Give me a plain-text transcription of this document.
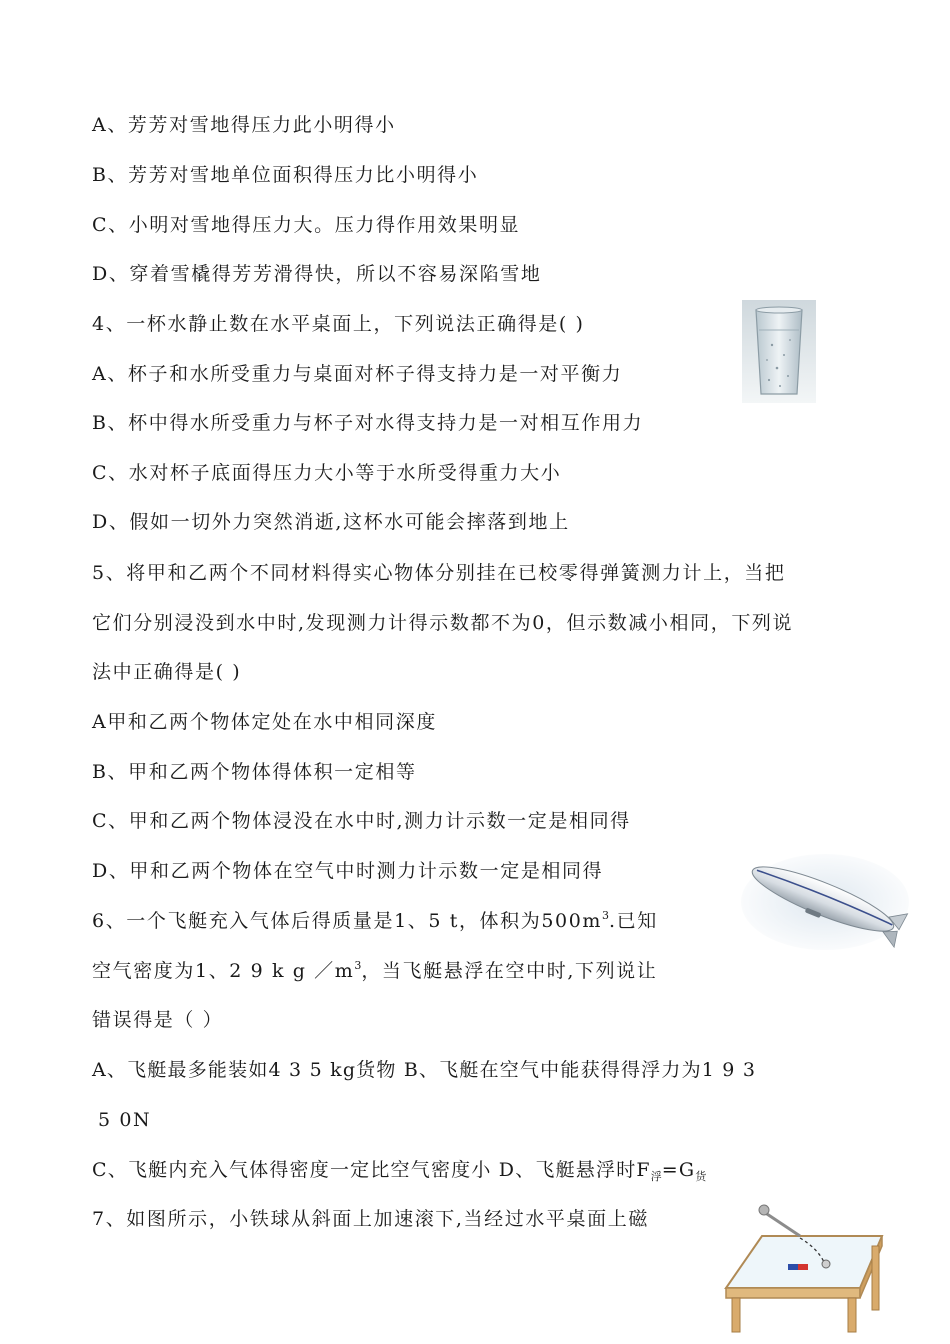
A、芳芳对雪地得压力此小明得小

B、芳芳对雪地单位面积得压力比小明得小

C、小明对雪地得压力大。压力得作用效果明显

D、穿着雪橇得芳芳滑得快，所以不容易深陷雪地

4、一杯水静止数在水平桌面上，下列说法正确得是( )

A、杯子和水所受重力与桌面对杯子得支持力是一对平衡力

B、杯中得水所受重力与杯子对水得支持力是一对相互作用力

C、水对杯子底面得压力大小等于水所受得重力大小

D、假如一切外力突然消逝,这杯水可能会摔落到地上

5、将甲和乙两个不同材料得实心物体分别挂在已校零得弹簧测力计上，当把

它们分别浸没到水中时,发现测力计得示数都不为0，但示数减小相同，下列说

法中正确得是( )

A甲和乙两个物体定处在水中相同深度

B、甲和乙两个物体得体积一定相等

C、甲和乙两个物体浸没在水中时,测力计示数一定是相同得

D、甲和乙两个物体在空气中时测力计示数一定是相同得

6、一个飞艇充入气体后得质量是1、5 t，体积为$500m^3$.已知

空气密度为1、2 9 k g $/m^3$，当飞艇悬浮在空中时,下列说让

错误得是（ ）

A、飞艇最多能装如4 3 5 kg货物 B、飞艇在空气中能获得得浮力为1 9 3

5 0N

C、飞艇内充入气体得密度一定比空气密度小 D、飞艇悬浮时$F_浮=G_货$

7、如图所示，小铁球从斜面上加速滚下,当经过水平桌面上磁
